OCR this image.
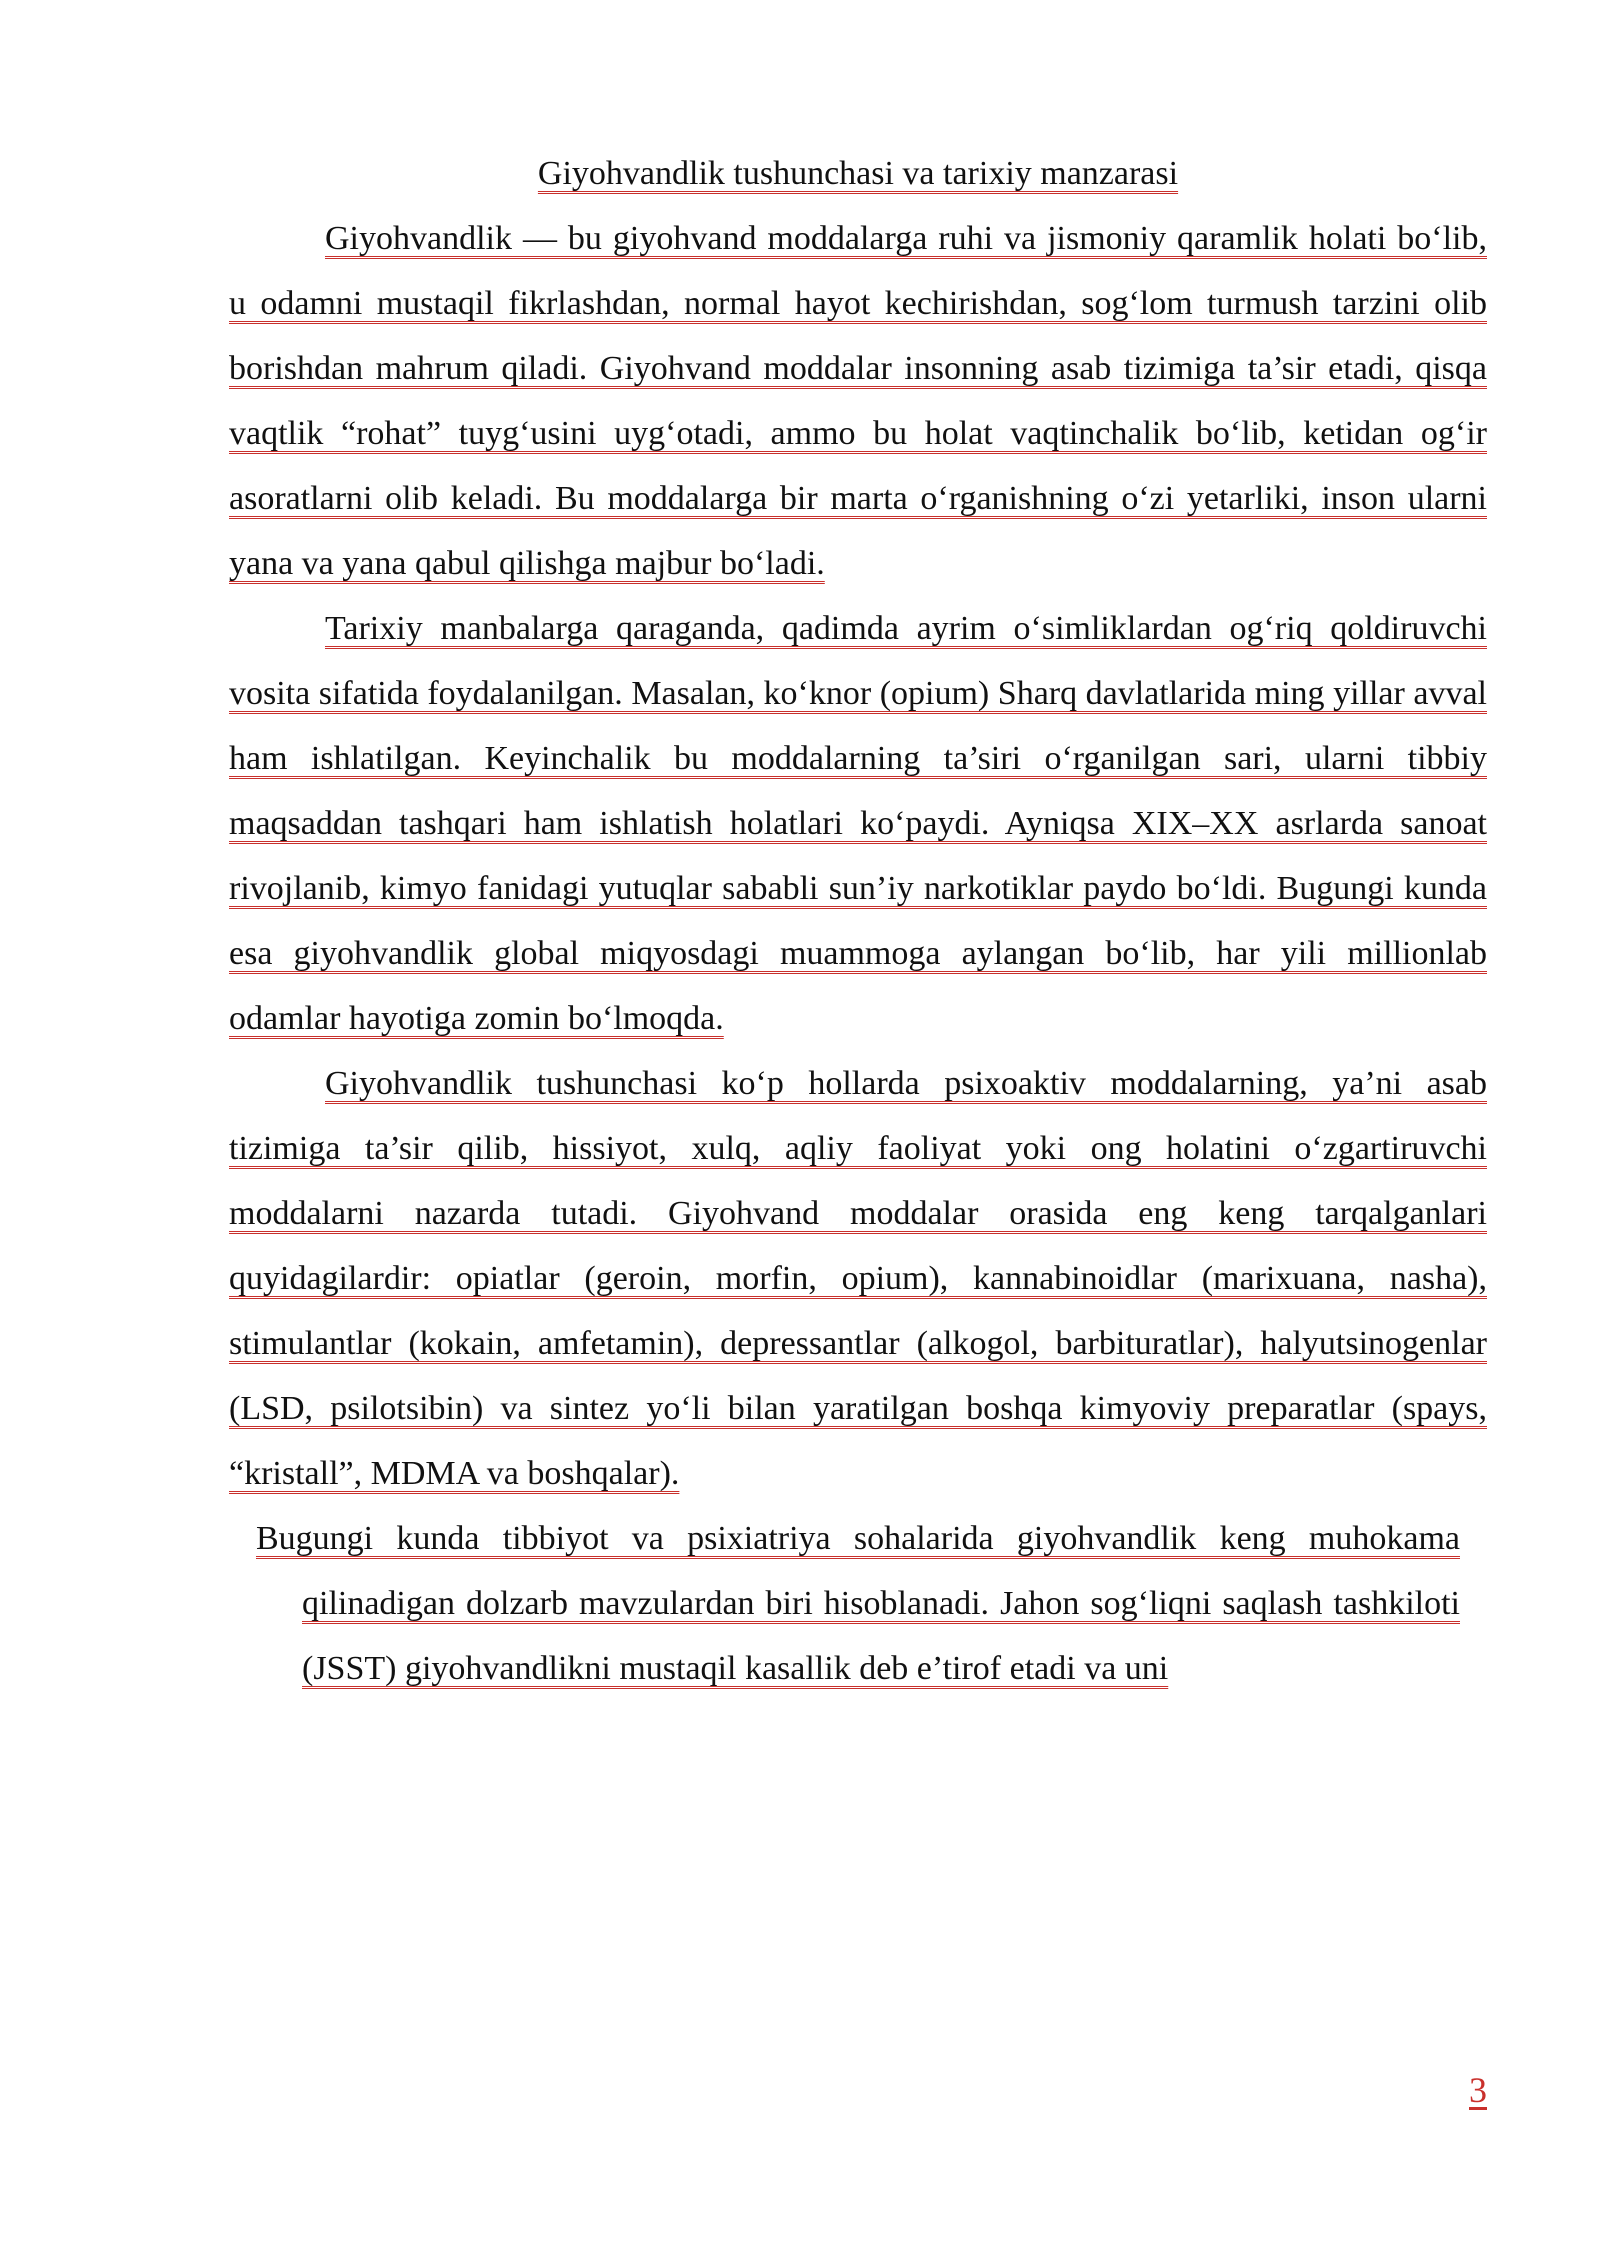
Giyohvandlik tushunchasi va tarixiy manzarasi

Giyohvandlik — bu giyohvand moddalarga ruhi va jismoniy qaramlik holati bo‘lib, u odamni mustaqil fikrlashdan, normal hayot kechirishdan, sog‘lom turmush tarzini olib borishdan mahrum qiladi. Giyohvand moddalar insonning asab tizimiga ta’sir etadi, qisqa vaqtlik “rohat” tuyg‘usini uyg‘otadi, ammo bu holat vaqtinchalik bo‘lib, ketidan og‘ir asoratlarni olib keladi. Bu moddalarga bir marta o‘rganishning o‘zi yetarliki, inson ularni yana va yana qabul qilishga majbur bo‘ladi.

Tarixiy manbalarga qaraganda, qadimda ayrim o‘simliklardan og‘riq qoldiruvchi vosita sifatida foydalanilgan. Masalan, ko‘knor (opium) Sharq davlatlarida ming yillar avval ham ishlatilgan. Keyinchalik bu moddalarning ta’siri o‘rganilgan sari, ularni tibbiy maqsaddan tashqari ham ishlatish holatlari ko‘paydi. Ayniqsa XIX–XX asrlarda sanoat rivojlanib, kimyo fanidagi yutuqlar sababli sun’iy narkotiklar paydo bo‘ldi. Bugungi kunda esa giyohvandlik global miqyosdagi muammoga aylangan bo‘lib, har yili millionlab odamlar hayotiga zomin bo‘lmoqda.

Giyohvandlik tushunchasi ko‘p hollarda psixoaktiv moddalarning, ya’ni asab tizimiga ta’sir qilib, hissiyot, xulq, aqliy faoliyat yoki ong holatini o‘zgartiruvchi moddalarni nazarda tutadi. Giyohvand moddalar orasida eng keng tarqalganlari quyidagilardir: opiatlar (geroin, morfin, opium), kannabinoidlar (marixuana, nasha), stimulantlar (kokain, amfetamin), depressantlar (alkogol, barbituratlar), halyutsinogenlar (LSD, psilotsibin) va sintez yo‘li bilan yaratilgan boshqa kimyoviy preparatlar (spays, “kristall”, MDMA va boshqalar).

Bugungi kunda tibbiyot va psixiatriya sohalarida giyohvandlik keng muhokama qilinadigan dolzarb mavzulardan biri hisoblanadi. Jahon sog‘liqni saqlash tashkiloti (JSST) giyohvandlikni mustaqil kasallik deb e’tirof etadi va uni

3
